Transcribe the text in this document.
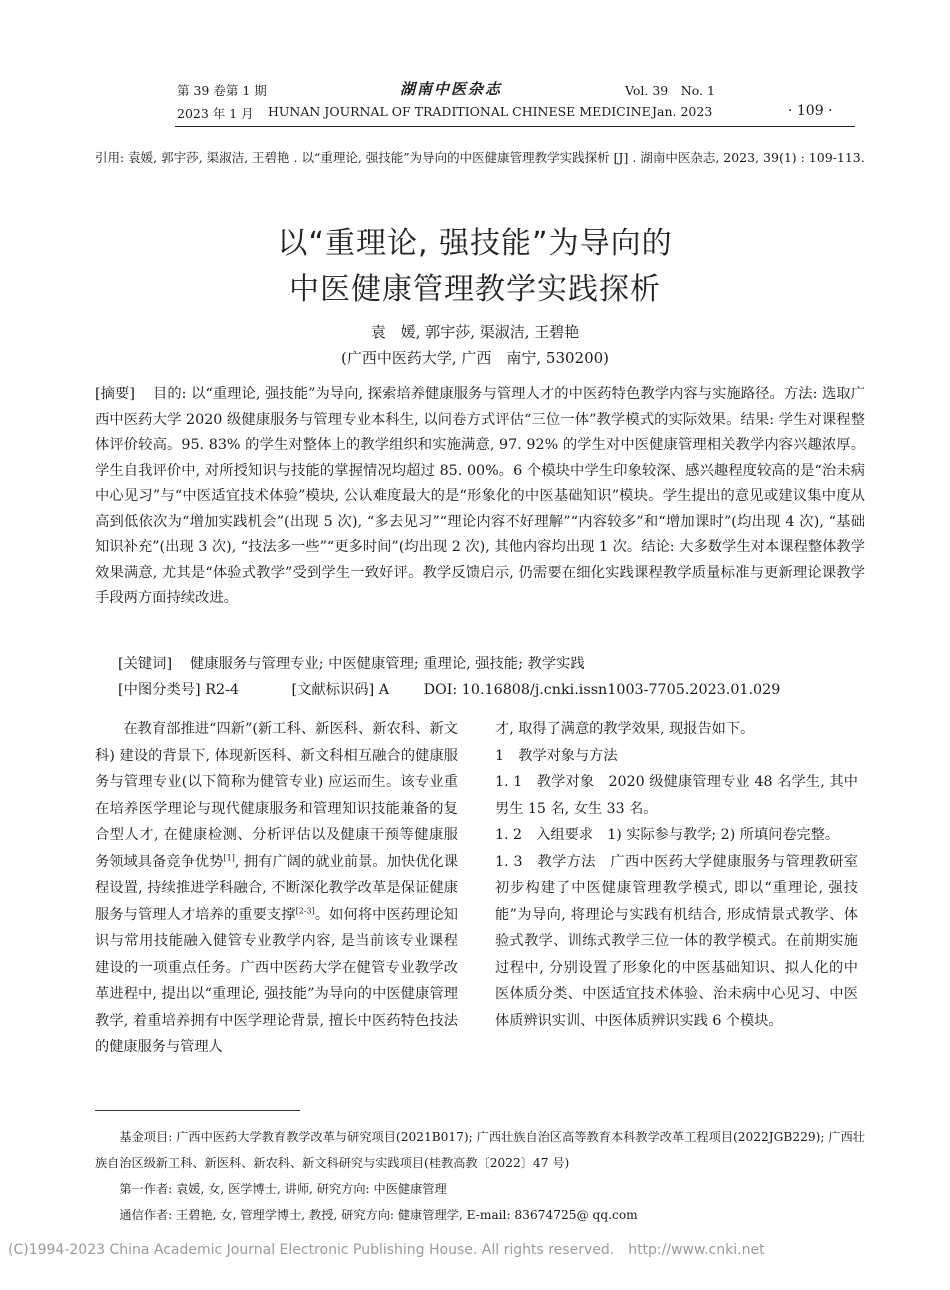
第 39 卷第 1 期	湖南中医杂志	Vol. 39　No. 1
2023 年 1 月 HUNAN JOURNAL OF TRADITIONAL CHINESE MEDICINE Jan. 2023	· 109 ·
引用: 袁媛, 郭宇莎, 渠淑洁, 王碧艳 . 以“重理论, 强技能”为导向的中医健康管理教学实践探析 [J] . 湖南中医杂志, 2023, 39(1) : 109-113.
以“重理论, 强技能”为导向的
中医健康管理教学实践探析
袁　媛, 郭宇莎, 渠淑洁, 王碧艳
(广西中医药大学, 广西　南宁, 530200)
[摘要] 目的: 以“重理论, 强技能”为导向, 探索培养健康服务与管理人才的中医药特色教学内容与实施路径。方法: 选取广西中医药大学 2020 级健康服务与管理专业本科生, 以问卷方式评估“三位一体”教学模式的实际效果。结果: 学生对课程整体评价较高。95. 83% 的学生对整体上的教学组织和实施满意, 97. 92% 的学生对中医健康管理相关教学内容兴趣浓厚。学生自我评价中, 对所授知识与技能的掌握情况均超过 85. 00%。6 个模块中学生印象较深、感兴趣程度较高的是“治未病中心见习”与“中医适宜技术体验”模块, 公认难度最大的是“形象化的中医基础知识”模块。学生提出的意见或建议集中度从高到低依次为“增加实践机会”(出现 5 次), “多去见习”“理论内容不好理解”“内容较多”和“增加课时”(均出现 4 次), “基础知识补充”(出现 3 次), “技法多一些”“更多时间”(均出现 2 次), 其他内容均出现 1 次。结论: 大多数学生对本课程整体教学效果满意, 尤其是“体验式教学”受到学生一致好评。教学反馈启示, 仍需要在细化实践课程教学质量标准与更新理论课教学手段两方面持续改进。
[关键词] 健康服务与管理专业; 中医健康管理; 重理论, 强技能; 教学实践
[中图分类号] R2-4	[文献标识码] A DOI: 10.16808/j.cnki.issn1003-7705.2023.01.029

在教育部推进“四新”(新工科、新医科、新农科、新文科) 建设的背景下, 体现新医科、新文科相互融合的健康服务与管理专业(以下简称为健管专业) 应运而生。该专业重在培养医学理论与现代健康服务和管理知识技能兼备的复合型人才, 在健康检测、分析评估以及健康干预等健康服务领域具备竞争优势[1], 拥有广阔的就业前景。加快优化课程设置, 持续推进学科融合, 不断深化教学改革是保证健康服务与管理人才培养的重要支撑[2-3]。如何将中医药理论知识与常用技能融入健管专业教学内容, 是当前该专业课程建设的一项重点任务。广西中医药大学在健管专业教学改革进程中, 提出以“重理论, 强技能”为导向的中医健康管理教学, 着重培养拥有中医学理论背景, 擅长中医药特色技法的健康服务与管理人

才, 取得了满意的教学效果, 现报告如下。

1　教学对象与方法

1. 1　教学对象　2020 级健康管理专业 48 名学生, 其中男生 15 名, 女生 33 名。

1. 2　入组要求　1) 实际参与教学; 2) 所填问卷完整。

1. 3　教学方法　广西中医药大学健康服务与管理教研室初步构建了中医健康管理教学模式, 即以“重理论, 强技能”为导向, 将理论与实践有机结合, 形成情景式教学、体验式教学、训练式教学三位一体的教学模式。在前期实施过程中, 分别设置了形象化的中医基础知识、拟人化的中医体质分类、中医适宜技术体验、治未病中心见习、中医体质辨识实训、中医体质辨识实践 6 个模块。

基金项目: 广西中医药大学教育教学改革与研究项目(2021B017); 广西壮族自治区高等教育本科教学改革工程项目(2022JGB229); 广西壮族自治区级新工科、新医科、新农科、新文科研究与实践项目(桂教高教〔2022〕47 号)

第一作者: 袁媛, 女, 医学博士, 讲师, 研究方向: 中医健康管理

通信作者: 王碧艳, 女, 管理学博士, 教授, 研究方向: 健康管理学, E-mail: 83674725@ qq.com

(C)1994-2023 China Academic Journal Electronic Publishing House. All rights reserved.　http://www.cnki.net
